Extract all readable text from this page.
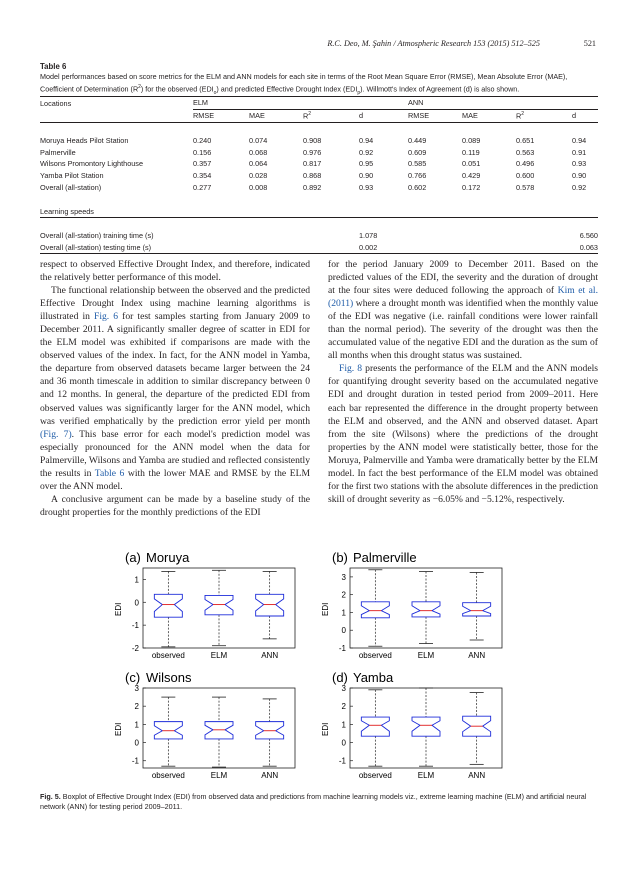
R.C. Deo, M. Şahin / Atmospheric Research 153 (2015) 512–525	521
Table 6
Model performances based on score metrics for the ELM and ANN models for each site in terms of the Root Mean Square Error (RMSE), Mean Absolute Error (MAE), Coefficient of Determination $(R^2)$ for the observed $(EDI_o)$ and predicted Effective Drought Index $(EDI_p)$. Willmott's Index of Agreement (d) is also shown.
Locations	ELM				ANN			
	RMSE	MAE	$R^2$	d	RMSE	MAE	$R^2$	d

Moruya Heads Pilot Station	0.240	0.074	0.908	0.94	0.449	0.089	0.651	0.94
Palmerville	0.156	0.068	0.976	0.92	0.609	0.119	0.563	0.91
Wilsons Promontory Lighthouse	0.357	0.064	0.817	0.95	0.585	0.051	0.496	0.93
Yamba Pilot Station	0.354	0.028	0.868	0.90	0.766	0.429	0.600	0.90
Overall (all-station)	0.277	0.008	0.892	0.93	0.602	0.172	0.578	0.92

Learning speeds								

Overall (all-station) training time (s)				1.078				6.560
Overall (all-station) testing time (s)				0.002				0.063

respect to observed Effective Drought Index, and therefore, indicated the relatively better performance of this model.

The functional relationship between the observed and the predicted Effective Drought Index using machine learning algorithms is illustrated in Fig. 6 for test samples starting from January 2009 to December 2011. A significantly smaller degree of scatter in EDI for the ELM model was exhibited if comparisons are made with the observed values of the index. In fact, for the ANN model in Yamba, the departure from observed datasets became larger between the 24 and 36 month timescale in addition to similar discrepancy between 0 and 12 months. In general, the departure of the predicted EDI from observed values was significantly larger for the ANN model, which was verified emphatically by the prediction error yield per month (Fig. 7). This base error for each model's prediction model was especially pronounced for the ANN model when the data for Palmerville, Wilsons and Yamba are studied and reflected consistently the results in Table 6 with the lower MAE and RMSE by the ELM over the ANN model.

A conclusive argument can be made by a baseline study of the drought properties for the monthly predictions of the EDI

for the period January 2009 to December 2011. Based on the predicted values of the EDI, the severity and the duration of drought at the four sites were deduced following the approach of Kim et al. (2011) where a drought month was identified when the monthly value of the EDI was negative (i.e. rainfall conditions were lower rainfall than the normal period). The severity of the drought was then the accumulated value of the negative EDI and the duration as the sum of all months when this drought status was sustained.

Fig. 8 presents the performance of the ELM and the ANN models for quantifying drought severity based on the accumulated negative EDI and drought duration in tested period from 2009–2011. Here each bar represented the difference in the drought property between the ELM and observed, and the ANN and observed dataset. Apart from the site (Wilsons) where the predictions of the drought properties by the ANN model were statistically better, those for the Moruya, Palmerville and Yamba were dramatically better by the ELM model. In fact the best performance of the ELM model was obtained for the first two stations with the absolute differences in the prediction skill of drought severity as −6.05% and −5.12%, respectively.

(a) Moruya
EDI
1
0
-1
-2
observed	ELM	ANN
(b) Palmerville
EDI
3
2
1
0
-1
observed	ELM	ANN
(c) Wilsons
EDI
3
2
1
0
-1
observed	ELM	ANN
(d) Yamba
EDI
3
2
1
0
-1
observed	ELM	ANN
Fig. 5. Boxplot of Effective Drought Index (EDI) from observed data and predictions from machine learning models viz., extreme learning machine (ELM) and artificial neural network (ANN) for testing period 2009–2011.
